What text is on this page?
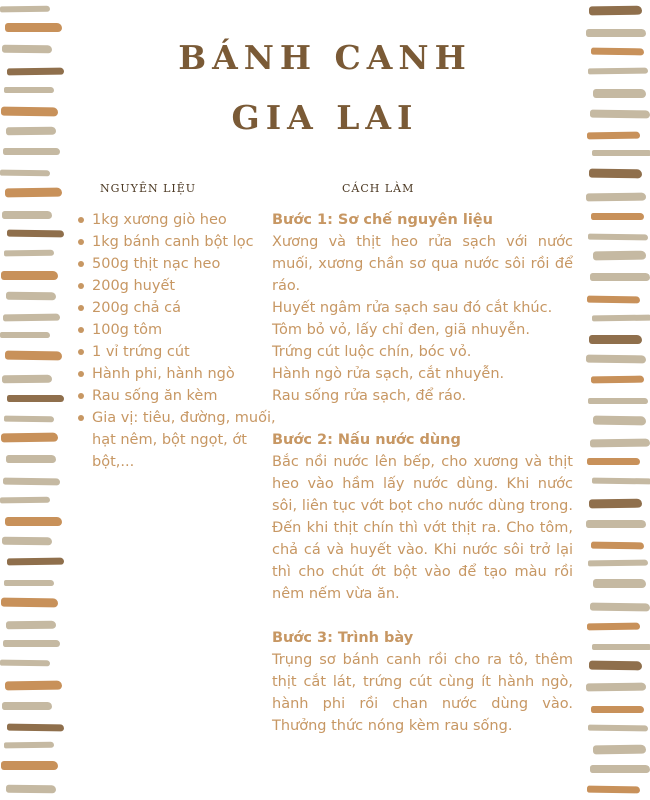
BÁNH CANH
GIA LAI
NGUYÊN LIỆU	CÁCH LÀM
1kg xương giò heo
1kg bánh canh bột lọc
500g thịt nạc heo
200g huyết
200g chả cá
100g tôm
1 vỉ trứng cút
Hành phi, hành ngò
Rau sống ăn kèm
Gia vị: tiêu, đường, muối, hạt nêm, bột ngọt, ớt bột,...
Bước 1: Sơ chế nguyên liệu
Xương và thịt heo rửa sạch với nước muối, xương chần sơ qua nước sôi rồi để ráo.
Huyết ngâm rửa sạch sau đó cắt khúc.
Tôm bỏ vỏ, lấy chỉ đen, giã nhuyễn.
Trứng cút luộc chín, bóc vỏ.
Hành ngò rửa sạch, cắt nhuyễn.
Rau sống rửa sạch, để ráo.
Bước 2: Nấu nước dùng
Bắc nồi nước lên bếp, cho xương và thịt heo vào hầm lấy nước dùng. Khi nước sôi, liên tục vớt bọt cho nước dùng trong. Đến khi thịt chín thì vớt thịt ra. Cho tôm, chả cá và huyết vào. Khi nước sôi trở lại thì cho chút ớt bột vào để tạo màu rồi nêm nếm vừa ăn.
Bước 3: Trình bày
Trụng sơ bánh canh rồi cho ra tô, thêm thịt cắt lát, trứng cút cùng ít hành ngò, hành phi rồi chan nước dùng vào. Thưởng thức nóng kèm rau sống.
